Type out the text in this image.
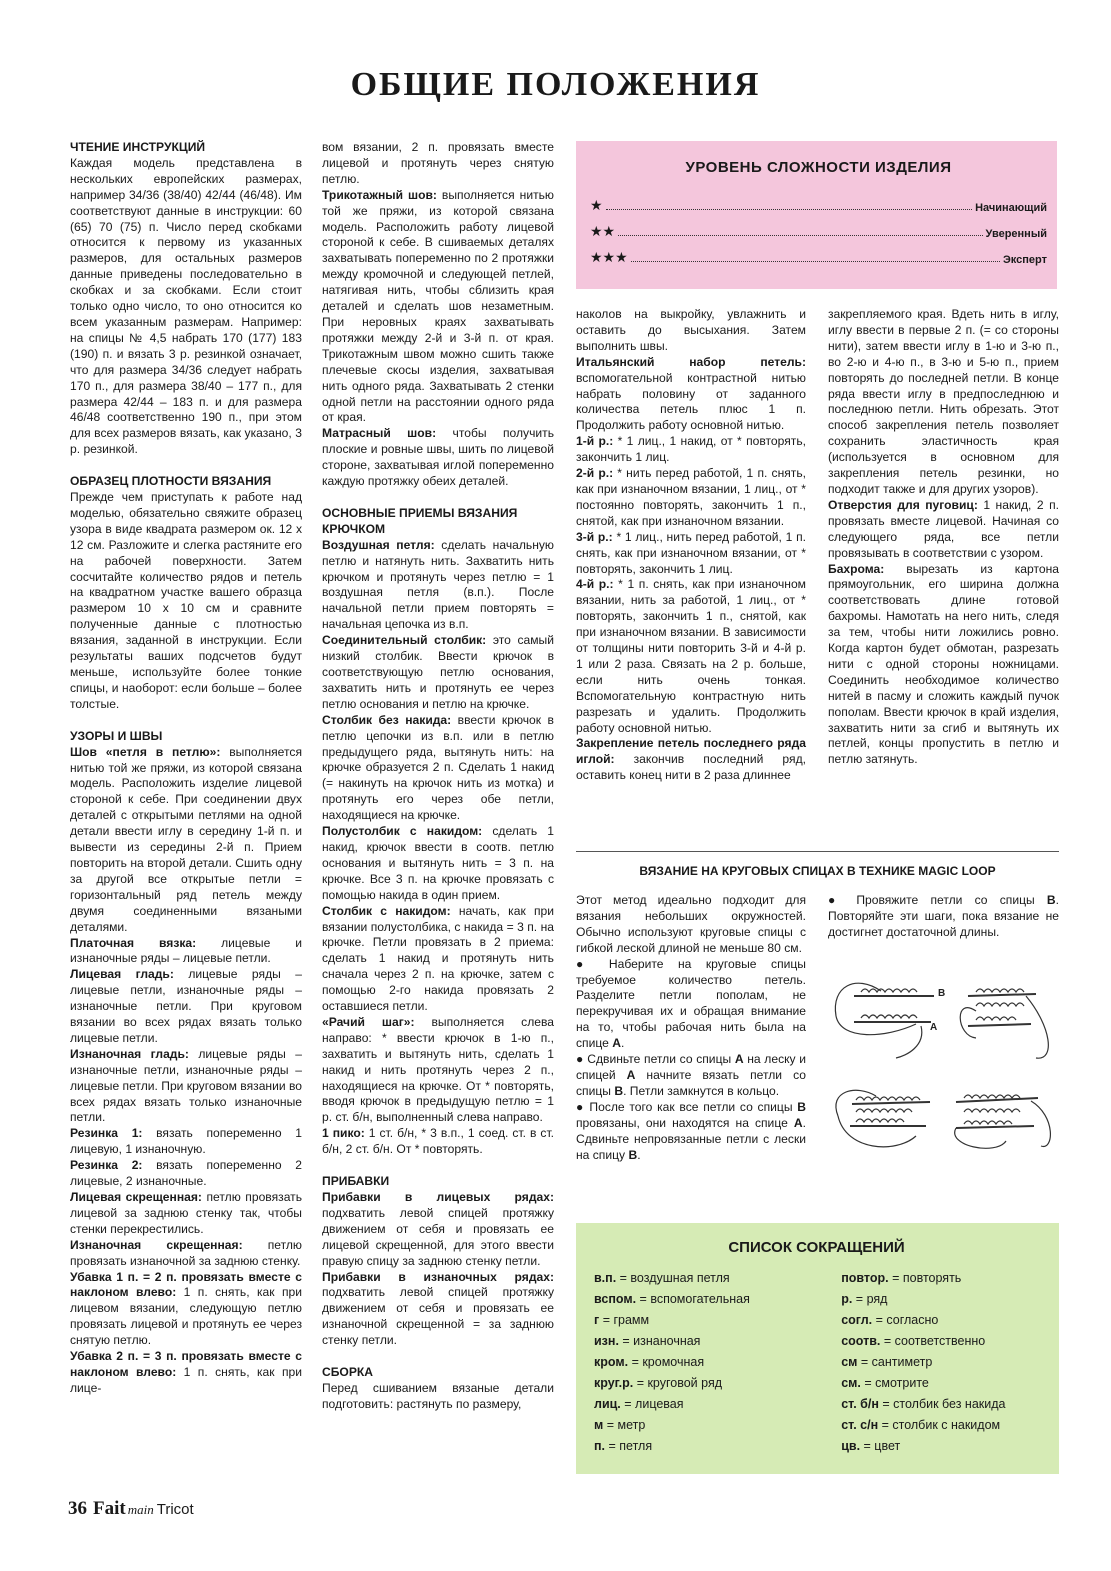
ОБЩИЕ ПОЛОЖЕНИЯ
ЧТЕНИЕ ИНСТРУКЦИЙ

Каждая модель представлена в нескольких европейских размерах, например 34/36 (38/40) 42/44 (46/48). Им соответствуют данные в инструкции: 60 (65) 70 (75) п. Число перед скобками относится к первому из указанных размеров, для остальных размеров данные приведены последовательно в скобках и за скобками. Если стоит только одно число, то оно относится ко всем указанным размерам. Например: на спицы № 4,5 набрать 170 (177) 183 (190) п. и вязать 3 р. резинкой означает, что для размера 34/36 следует набрать 170 п., для размера 38/40 – 177 п., для размера 42/44 – 183 п. и для размера 46/48 соответственно 190 п., при этом для всех размеров вязать, как указано, 3 р. резинкой.

ОБРАЗЕЦ ПЛОТНОСТИ ВЯЗАНИЯ

Прежде чем приступать к работе над моделью, обязательно свяжите образец узора в виде квадрата размером ок. 12 х 12 см. Разложите и слегка растяните его на рабочей поверхности. Затем сосчитайте количество рядов и петель на квадратном участке вашего образца размером 10 х 10 см и сравните полученные данные с плотностью вязания, заданной в инструкции. Если результаты ваших подсчетов будут меньше, используйте более тонкие спицы, и наоборот: если больше – более толстые.

УЗОРЫ И ШВЫ

Шов «петля в петлю»: выполняется нитью той же пряжи, из которой связана модель. Расположить изделие лицевой стороной к себе. При соединении двух деталей с открытыми петлями на одной детали ввести иглу в середину 1-й п. и вывести из середины 2-й п. Прием повторить на второй детали. Сшить одну за другой все открытые петли = горизонтальный ряд петель между двумя соединенными вязаными деталями.

Платочная вязка: лицевые и изнаночные ряды – лицевые петли.

Лицевая гладь: лицевые ряды – лицевые петли, изнаночные ряды – изнаночные петли. При круговом вязании во всех рядах вязать только лицевые петли.

Изнаночная гладь: лицевые ряды – изнаночные петли, изнаночные ряды – лицевые петли. При круговом вязании во всех рядах вязать только изнаночные петли.

Резинка 1: вязать попеременно 1 лицевую, 1 изнаночную.

Резинка 2: вязать попеременно 2 лицевые, 2 изнаночные.

Лицевая скрещенная: петлю провязать лицевой за заднюю стенку так, чтобы стенки перекрестились.

Изнаночная скрещенная: петлю провязать изнаночной за заднюю стенку.

Убавка 1 п. = 2 п. провязать вместе с наклоном влево: 1 п. снять, как при лицевом вязании, следующую петлю провязать лицевой и протянуть ее через снятую петлю.

Убавка 2 п. = 3 п. провязать вместе с наклоном влево: 1 п. снять, как при лице-

вом вязании, 2 п. провязать вместе лицевой и протянуть через снятую петлю.

Трикотажный шов: выполняется нитью той же пряжи, из которой связана модель. Расположить работу лицевой стороной к себе. В сшиваемых деталях захватывать попеременно по 2 протяжки между кромочной и следующей петлей, натягивая нить, чтобы сблизить края деталей и сделать шов незаметным. При неровных краях захватывать протяжки между 2-й и 3-й п. от края. Трикотажным швом можно сшить также плечевые скосы изделия, захватывая нить одного ряда. Захватывать 2 стенки одной петли на расстоянии одного ряда от края.

Матрасный шов: чтобы получить плоские и ровные швы, шить по лицевой стороне, захватывая иглой попеременно каждую протяжку обеих деталей.

ОСНОВНЫЕ ПРИЕМЫ ВЯЗАНИЯ КРЮЧКОМ

Воздушная петля: сделать начальную петлю и натянуть нить. Захватить нить крючком и протянуть через петлю = 1 воздушная петля (в.п.). После начальной петли прием повторять = начальная цепочка из в.п.

Соединительный столбик: это самый низкий столбик. Ввести крючок в соответствующую петлю основания, захватить нить и протянуть ее через петлю основания и петлю на крючке.

Столбик без накида: ввести крючок в петлю цепочки из в.п. или в петлю предыдущего ряда, вытянуть нить: на крючке образуется 2 п. Сделать 1 накид (= накинуть на крючок нить из мотка) и протянуть его через обе петли, находящиеся на крючке.

Полустолбик с накидом: сделать 1 накид, крючок ввести в соотв. петлю основания и вытянуть нить = 3 п. на крючке. Все 3 п. на крючке провязать с помощью накида в один прием.

Столбик с накидом: начать, как при вязании полустолбика, с накида = 3 п. на крючке. Петли провязать в 2 приема: сделать 1 накид и протянуть нить сначала через 2 п. на крючке, затем с помощью 2-го накида провязать 2 оставшиеся петли.

«Рачий шаг»: выполняется слева направо: * ввести крючок в 1-ю п., захватить и вытянуть нить, сделать 1 накид и нить протянуть через 2 п., находящиеся на крючке. От * повторять, вводя крючок в предыдущую петлю = 1 р. ст. б/н, выполненный слева направо.

1 пико: 1 ст. б/н, * 3 в.п., 1 соед. ст. в ст. б/н, 2 ст. б/н. От * повторять.

ПРИБАВКИ

Прибавки в лицевых рядах: подхватить левой спицей протяжку движением от себя и провязать ее лицевой скрещенной, для этого ввести правую спицу за заднюю стенку петли.

Прибавки в изнаночных рядах: подхватить левой спицей протяжку движением от себя и провязать ее изнаночной скрещенной = за заднюю стенку петли.

СБОРКА

Перед сшиванием вязаные детали подготовить: растянуть по размеру,

УРОВЕНЬ СЛОЖНОСТИ ИЗДЕЛИЯ
★	Начинающий
★★	Уверенный
★★★	Эксперт

наколов на выкройку, увлажнить и оставить до высыхания. Затем выполнить швы.

Итальянский набор петель: вспомогательной контрастной нитью набрать половину от заданного количества петель плюс 1 п. Продолжить работу основной нитью.

1-й р.: * 1 лиц., 1 накид, от * повторять, закончить 1 лиц.

2-й р.: * нить перед работой, 1 п. снять, как при изнаночном вязании, 1 лиц., от * постоянно повторять, закончить 1 п., снятой, как при изнаночном вязании.

3-й р.: * 1 лиц., нить перед работой, 1 п. снять, как при изнаночном вязании, от * повторять, закончить 1 лиц.

4-й р.: * 1 п. снять, как при изнаночном вязании, нить за работой, 1 лиц., от * повторять, закончить 1 п., снятой, как при изнаночном вязании. В зависимости от толщины нити повторить 3-й и 4-й р. 1 или 2 раза. Связать на 2 р. больше, если нить очень тонкая. Вспомогательную контрастную нить разрезать и удалить. Продолжить работу основной нитью.

Закрепление петель последнего ряда иглой: закончив последний ряд, оставить конец нити в 2 раза длиннее

закрепляемого края. Вдеть нить в иглу, иглу ввести в первые 2 п. (= со стороны нити), затем ввести иглу в 1-ю и 3-ю п., во 2-ю и 4-ю п., в 3-ю и 5-ю п., прием повторять до последней петли. В конце ряда ввести иглу в предпоследнюю и последнюю петли. Нить обрезать. Этот способ закрепления петель позволяет сохранить эластичность края (используется в основном для закрепления петель резинки, но подходит также и для других узоров).

Отверстия для пуговиц: 1 накид, 2 п. провязать вместе лицевой. Начиная со следующего ряда, все петли провязывать в соответствии с узором.

Бахрома: вырезать из картона прямоугольник, его ширина должна соответствовать длине готовой бахромы. Намотать на него нить, следя за тем, чтобы нити ложились ровно. Когда картон будет обмотан, разрезать нити с одной стороны ножницами. Соединить необходимое количество нитей в пасму и сложить каждый пучок пополам. Ввести крючок в край изделия, захватить нити за сгиб и вытянуть их петлей, концы пропустить в петлю и петлю затянуть.

ВЯЗАНИЕ НА КРУГОВЫХ СПИЦАХ В ТЕХНИКЕ MAGIC LOOP

Этот метод идеально подходит для вязания небольших окружностей. Обычно используют круговые спицы с гибкой леской длиной не меньше 80 см.

● Наберите на круговые спицы требуемое количество петель. Разделите петли пополам, не перекручивая их и обращая внимание на то, чтобы рабочая нить была на спице А.

● Сдвиньте петли со спицы А на леску и спицей А начните вязать петли со спицы В. Петли замкнутся в кольцо.

● После того как все петли со спицы В провязаны, они находятся на спице А. Сдвиньте непровязанные петли с лески на спицу В.

● Провяжите петли со спицы В. Повторяйте эти шаги, пока вязание не достигнет достаточной длины.

B
A
СПИСОК СОКРАЩЕНИЙ
в.п. = воздушная петля
вспом. = вспомогательная
г = грамм
изн. = изнаночная
кром. = кромочная
круг.р. = круговой ряд
лиц. = лицевая
м = метр
п. = петля
повтор. = повторять
р. = ряд
согл. = согласно
соотв. = соответственно
см = сантиметр
см. = смотрите
ст. б/н = столбик без накида
ст. с/н = столбик с накидом
цв. = цвет
36 Fait main Tricot
